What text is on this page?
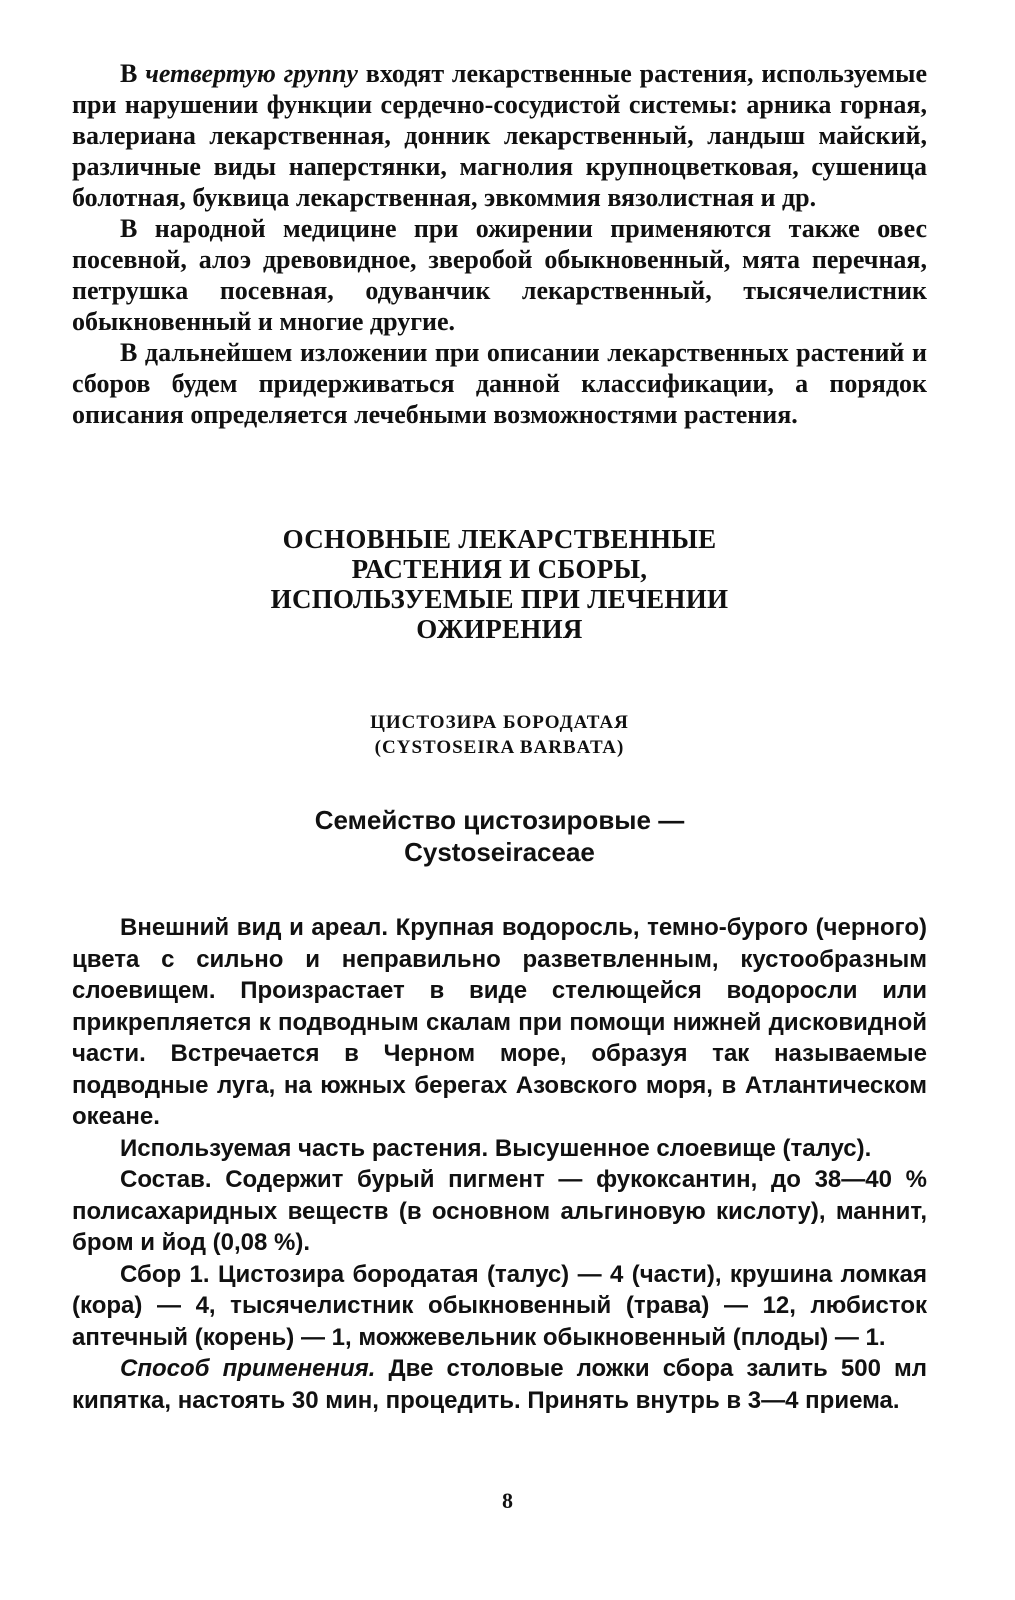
В четвертую группу входят лекарственные растения, используемые при нарушении функции сердечно-сосудистой системы: арника горная, валериана лекарственная, донник лекарственный, ландыш майский, различные виды наперстянки, магнолия крупноцветковая, сушеница болотная, буквица лекарственная, эвкоммия вязолистная и др.

В народной медицине при ожирении применяются также овес посевной, алоэ древовидное, зверобой обыкновенный, мята перечная, петрушка посевная, одуванчик лекарственный, тысячелистник обыкновенный и многие другие.

В дальнейшем изложении при описании лекарственных растений и сборов будем придерживаться данной классификации, а порядок описания определяется лечебными возможностями растения.

ОСНОВНЫЕ ЛЕКАРСТВЕННЫЕ
РАСТЕНИЯ И СБОРЫ,
ИСПОЛЬЗУЕМЫЕ ПРИ ЛЕЧЕНИИ
ОЖИРЕНИЯ
ЦИСТОЗИРА БОРОДАТАЯ
(CYSTOSEIRA BARBATA)
Семейство цистозировые —
Cystoseiraceae

Внешний вид и ареал. Крупная водоросль, темно-бурого (черного) цвета с сильно и неправильно разветвленным, кустообразным слоевищем. Произрастает в виде стелющейся водоросли или прикрепляется к подводным скалам при помощи нижней дисковидной части. Встречается в Черном море, образуя так называемые подводные луга, на южных берегах Азовского моря, в Атлантическом океане.

Используемая часть растения. Высушенное слоевище (талус).

Состав. Содержит бурый пигмент — фукоксантин, до 38—40 % полисахаридных веществ (в основном альгиновую кислоту), маннит, бром и йод (0,08 %).

Сбор 1. Цистозира бородатая (талус) — 4 (части), крушина ломкая (кора) — 4, тысячелистник обыкновенный (трава) — 12, любисток аптечный (корень) — 1, можжевельник обыкновенный (плоды) — 1.

Способ применения. Две столовые ложки сбора залить 500 мл кипятка, настоять 30 мин, процедить. Принять внутрь в 3—4 приема.

8
